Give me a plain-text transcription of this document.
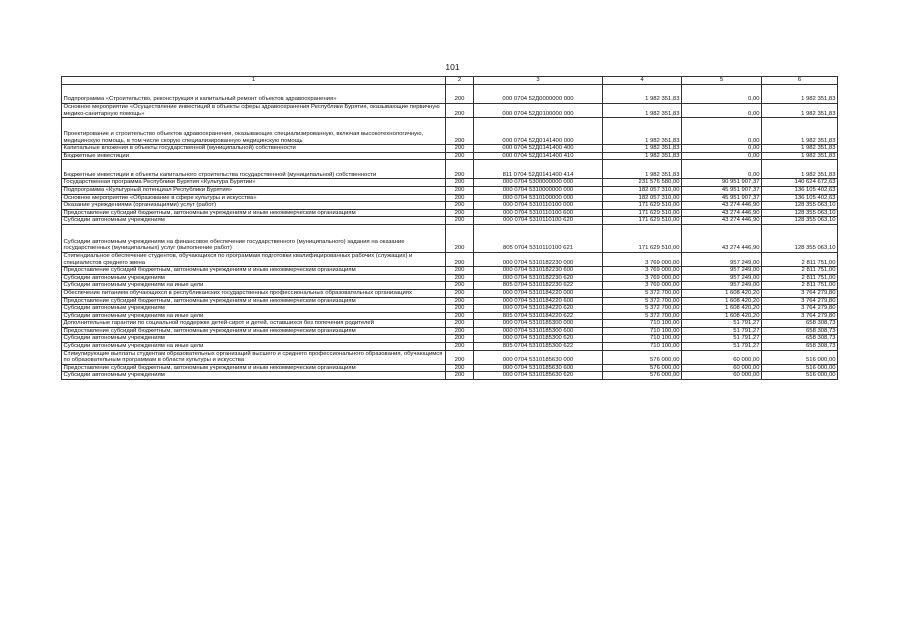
101
1	2	3	4	5	6
Подпрограмма «Строительство, реконструкция и капитальный ремонт объектов здравоохранения»	200	000 0704 52Д0000000 000	1 982 351,83	0,00	1 982 351,83
Основное мероприятие «Осуществление инвестиций в объекты сферы здравоохранения Республики Бурятия, оказывающие первичную медико-санитарную помощь»	200	000 0704 52Д0100000 000	1 982 351,83	0,00	1 982 351,83
Проектирование и строительство объектов здравоохранения, оказывающих специализированную, включая высокотехнологичную, медицинскую помощь, в том числе скорую специализированную медицинскую помощь	200	000 0704 52Д0141400 000	1 982 351,83	0,00	1 982 351,83
Капитальные вложения в объекты государственной (муниципальной) собственности	200	000 0704 52Д0141400 400	1 982 351,83	0,00	1 982 351,83
Бюджетные инвестиции	200	000 0704 52Д0141400 410	1 982 351,83	0,00	1 982 351,83
Бюджетные инвестиции в объекты капитального строительства государственной (муниципальной) собственности	200	811 0704 52Д0141400 414	1 982 351,83	0,00	1 982 351,83
Государственная программа Республики Бурятия «Культура Бурятии»	200	000 0704 5300000000 000	231 576 580,00	90 951 907,37	140 624 672,63
Подпрограмма «Культурный потенциал Республики Бурятия»	200	000 0704 5310000000 000	182 057 310,00	45 951 907,37	136 105 402,63
Основное мероприятие «Образование в сфере культуры и искусства»	200	000 0704 5310100000 000	182 057 310,00	45 951 907,37	136 105 402,63
Оказание учреждениями (организациями) услуг (работ)	200	000 0704 5310110100 000	171 629 510,00	43 274 446,90	128 355 063,10
Предоставление субсидий бюджетным, автономным учреждениям и иным некоммерческим организациям	200	000 0704 5310110100 600	171 629 510,00	43 274 446,90	128 355 063,10
Субсидии автономным учреждениям	200	000 0704 5310110100 620	171 629 510,00	43 274 446,90	128 355 063,10
Субсидии автономным учреждениям на финансовое обеспечение государственного (муниципального) задания на оказание государственных (муниципальных) услуг (выполнение работ)	200	805 0704 5310110100 621	171 629 510,00	43 274 446,90	128 355 063,10
Стипендиальное обеспечение студентов, обучающихся по программам подготовки квалифицированных рабочих (служащих) и специалистов среднего звена	200	000 0704 5310182230 000	3 769 000,00	957 249,00	2 811 751,00
Предоставление субсидий бюджетным, автономным учреждениям и иным некоммерческим организациям	200	000 0704 5310182230 600	3 769 000,00	957 249,00	2 811 751,00
Субсидии автономным учреждениям	200	000 0704 5310182230 620	3 769 000,00	957 249,00	2 811 751,00
Субсидии автономным учреждениям на иные цели	200	805 0704 5310182230 622	3 769 000,00	957 249,00	2 811 751,00
Обеспечение питанием обучающихся в республиканских государственных профессиональных образовательных организациях	200	000 0704 5310184220 000	5 372 700,00	1 608 420,20	3 764 279,80
Предоставление субсидий бюджетным, автономным учреждениям и иным некоммерческим организациям	200	000 0704 5310184220 600	5 372 700,00	1 608 420,20	3 764 279,80
Субсидии автономным учреждениям	200	000 0704 5310184220 620	5 372 700,00	1 608 420,20	3 764 279,80
Субсидии автономным учреждениям на иные цели	200	805 0704 5310184220 622	5 372 700,00	1 608 420,20	3 764 279,80
Дополнительные гарантии по социальной поддержке детей-сирот и детей, оставшихся без попечения родителей	200	000 0704 5310185300 000	710 100,00	51 791,27	658 308,73
Предоставление субсидий бюджетным, автономным учреждениям и иным некоммерческим организациям	200	000 0704 5310185300 600	710 100,00	51 791,27	658 308,73
Субсидии автономным учреждениям	200	000 0704 5310185300 620	710 100,00	51 791,27	658 308,73
Субсидии автономным учреждениям на иные цели	200	805 0704 5310185300 622	710 100,00	51 791,27	658 308,73
Стимулирующие выплаты студентам образовательных организаций высшего и среднего профессионального образования, обучающимся по образовательным программам в области культуры и искусства	200	000 0704 5310185630 000	576 000,00	60 000,00	516 000,00
Предоставление субсидий бюджетным, автономным учреждениям и иным некоммерческим организациям	200	000 0704 5310185630 600	576 000,00	60 000,00	516 000,00
Субсидии автономным учреждениям	200	000 0704 5310185630 620	576 000,00	60 000,00	516 000,00
